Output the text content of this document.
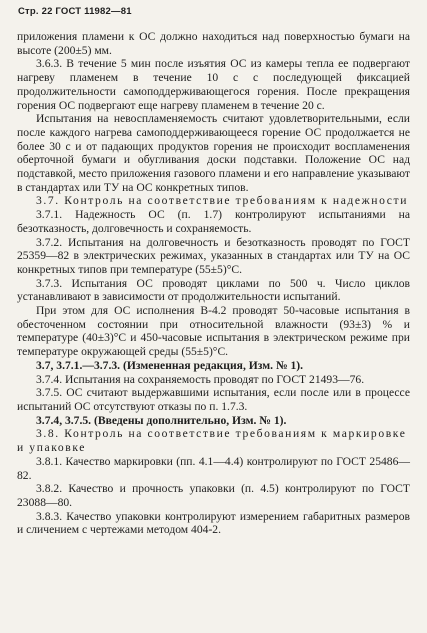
Стр. 22 ГОСТ 11982—81

приложения пламени к ОС должно находиться над поверхностью бумаги на высоте (200±5) мм.

3.6.3. В течение 5 мин после изъятия ОС из камеры тепла ее подвергают нагреву пламенем в течение 10 с с последующей фиксацией продолжительности самоподдерживающегося горения. После прекращения горения ОС подвергают еще нагреву пламенем в течение 20 с.

Испытания на невоспламеняемость считают удовлетворительными, если после каждого нагрева самоподдерживающееся горение ОС продолжается не более 30 с и от падающих продуктов горения не происходит воспламенения оберточной бумаги и обугливания доски подставки. Положение ОС над подставкой, место приложения газового пламени и его направление указывают в стандартах или ТУ на ОС конкретных типов.

3.7. Контроль на соответствие требованиям к надежности

3.7.1. Надежность ОС (п. 1.7) контролируют испытаниями на безотказность, долговечность и сохраняемость.

3.7.2. Испытания на долговечность и безотказность проводят по ГОСТ 25359—82 в электрических режимах, указанных в стандартах или ТУ на ОС конкретных типов при температуре (55±5)°С.

3.7.3. Испытания ОС проводят циклами по 500 ч. Число циклов устанавливают в зависимости от продолжительности испытаний.

При этом для ОС исполнения В-4.2 проводят 50-часовые испытания в обесточенном состоянии при относительной влажности (93±3) % и температуре (40±3)°С и 450-часовые испытания в электрическом режиме при температуре окружающей среды (55±5)°С.

3.7, 3.7.1.—3.7.3. (Измененная редакция, Изм. № 1).

3.7.4. Испытания на сохраняемость проводят по ГОСТ 21493—76.

3.7.5. ОС считают выдержавшими испытания, если после или в процессе испытаний ОС отсутствуют отказы по п. 1.7.3.

3.7.4, 3.7.5. (Введены дополнительно, Изм. № 1).

3.8. Контроль на соответствие требованиям к маркировке и упаковке

3.8.1. Качество маркировки (пп. 4.1—4.4) контролируют по ГОСТ 25486—82.

3.8.2. Качество и прочность упаковки (п. 4.5) контролируют по ГОСТ 23088—80.

3.8.3. Качество упаковки контролируют измерением габаритных размеров и сличением с чертежами методом 404-2.
